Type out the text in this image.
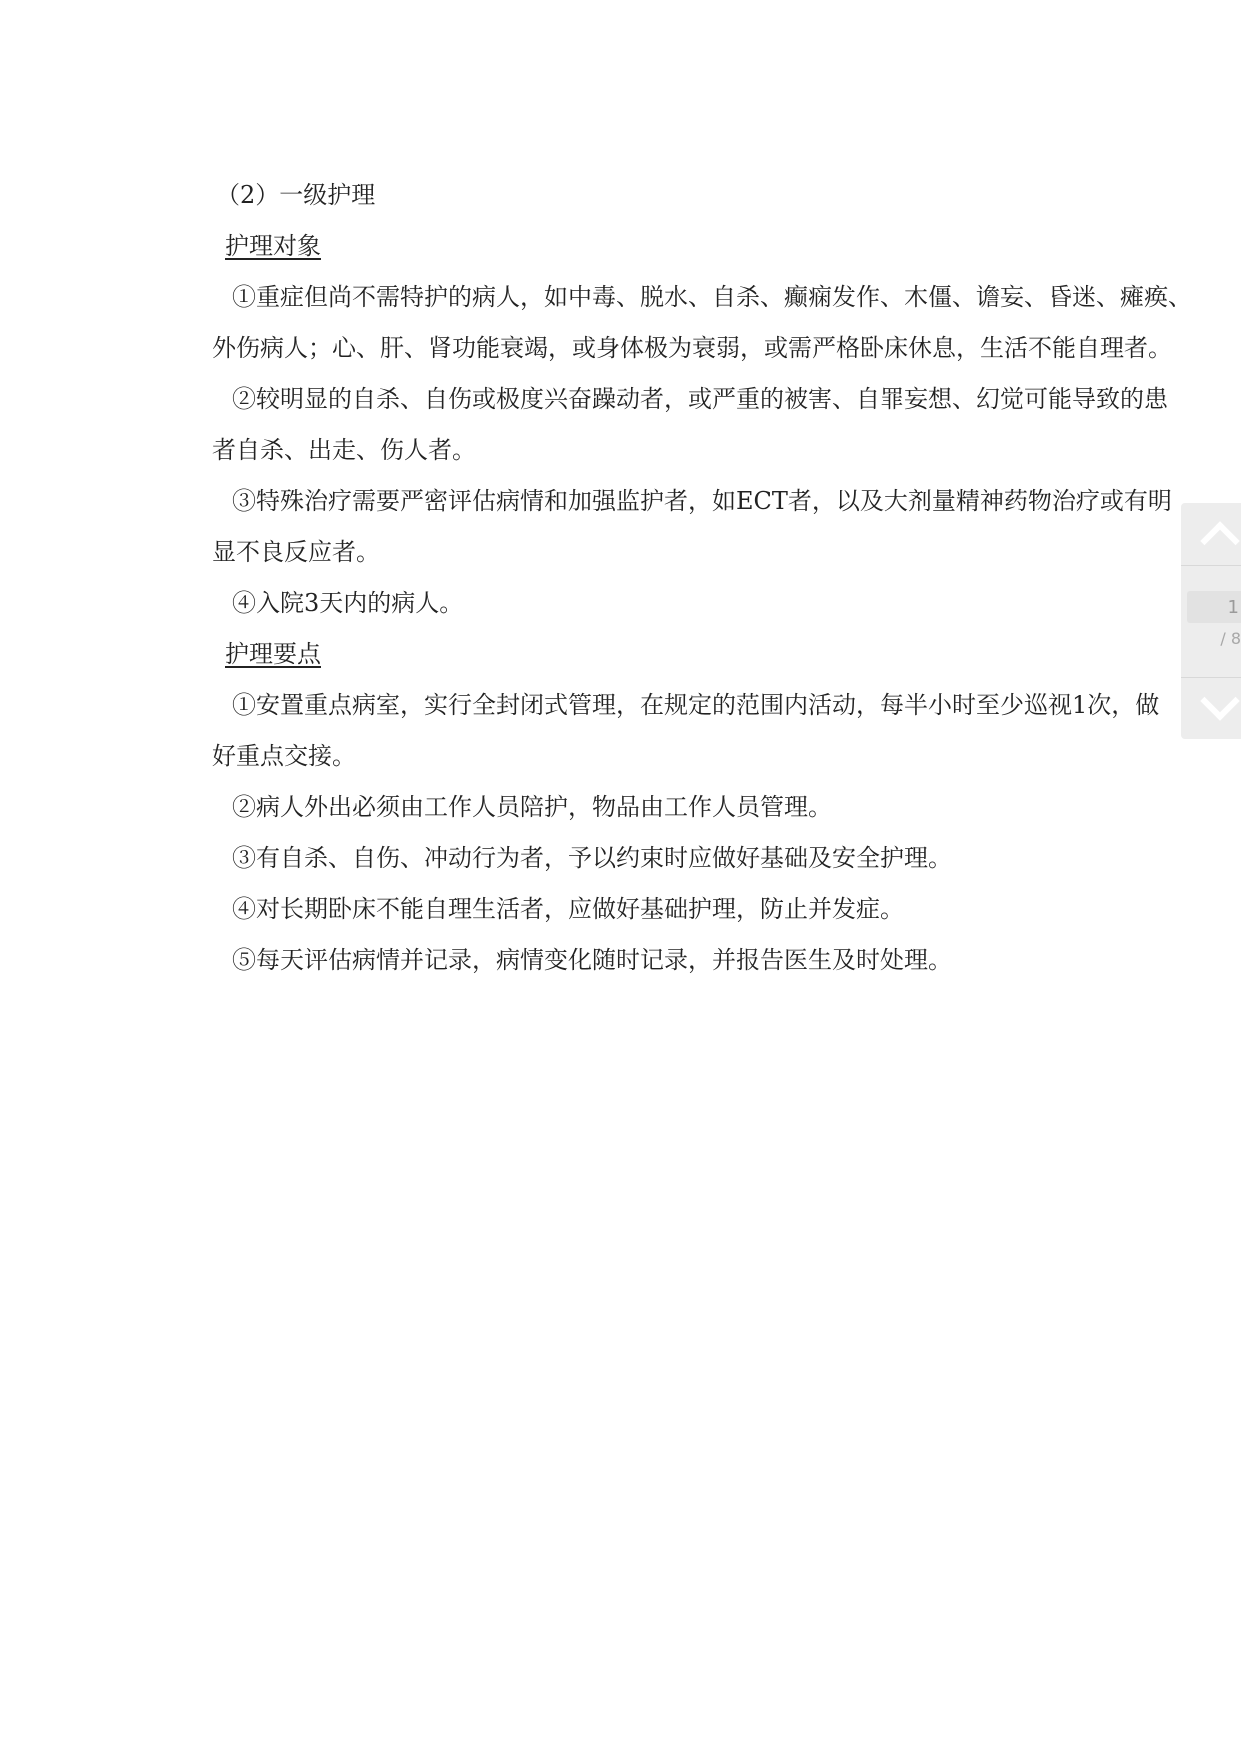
（2）一级护理
护理对象
①重症但尚不需特护的病人，如中毒、脱水、自杀、癫痫发作、木僵、谵妄、昏迷、瘫痪、
外伤病人；心、肝、肾功能衰竭，或身体极为衰弱，或需严格卧床休息，生活不能自理者。
②较明显的自杀、自伤或极度兴奋躁动者，或严重的被害、自罪妄想、幻觉可能导致的患
者自杀、出走、伤人者。
③特殊治疗需要严密评估病情和加强监护者，如ECT者，以及大剂量精神药物治疗或有明
显不良反应者。
④入院3天内的病人。
护理要点
①安置重点病室，实行全封闭式管理，在规定的范围内活动，每半小时至少巡视1次，做
好重点交接。
②病人外出必须由工作人员陪护，物品由工作人员管理。
③有自杀、自伤、冲动行为者，予以约束时应做好基础及安全护理。
④对长期卧床不能自理生活者，应做好基础护理，防止并发症。
⑤每天评估病情并记录，病情变化随时记录，并报告医生及时处理。
1
/ 8
